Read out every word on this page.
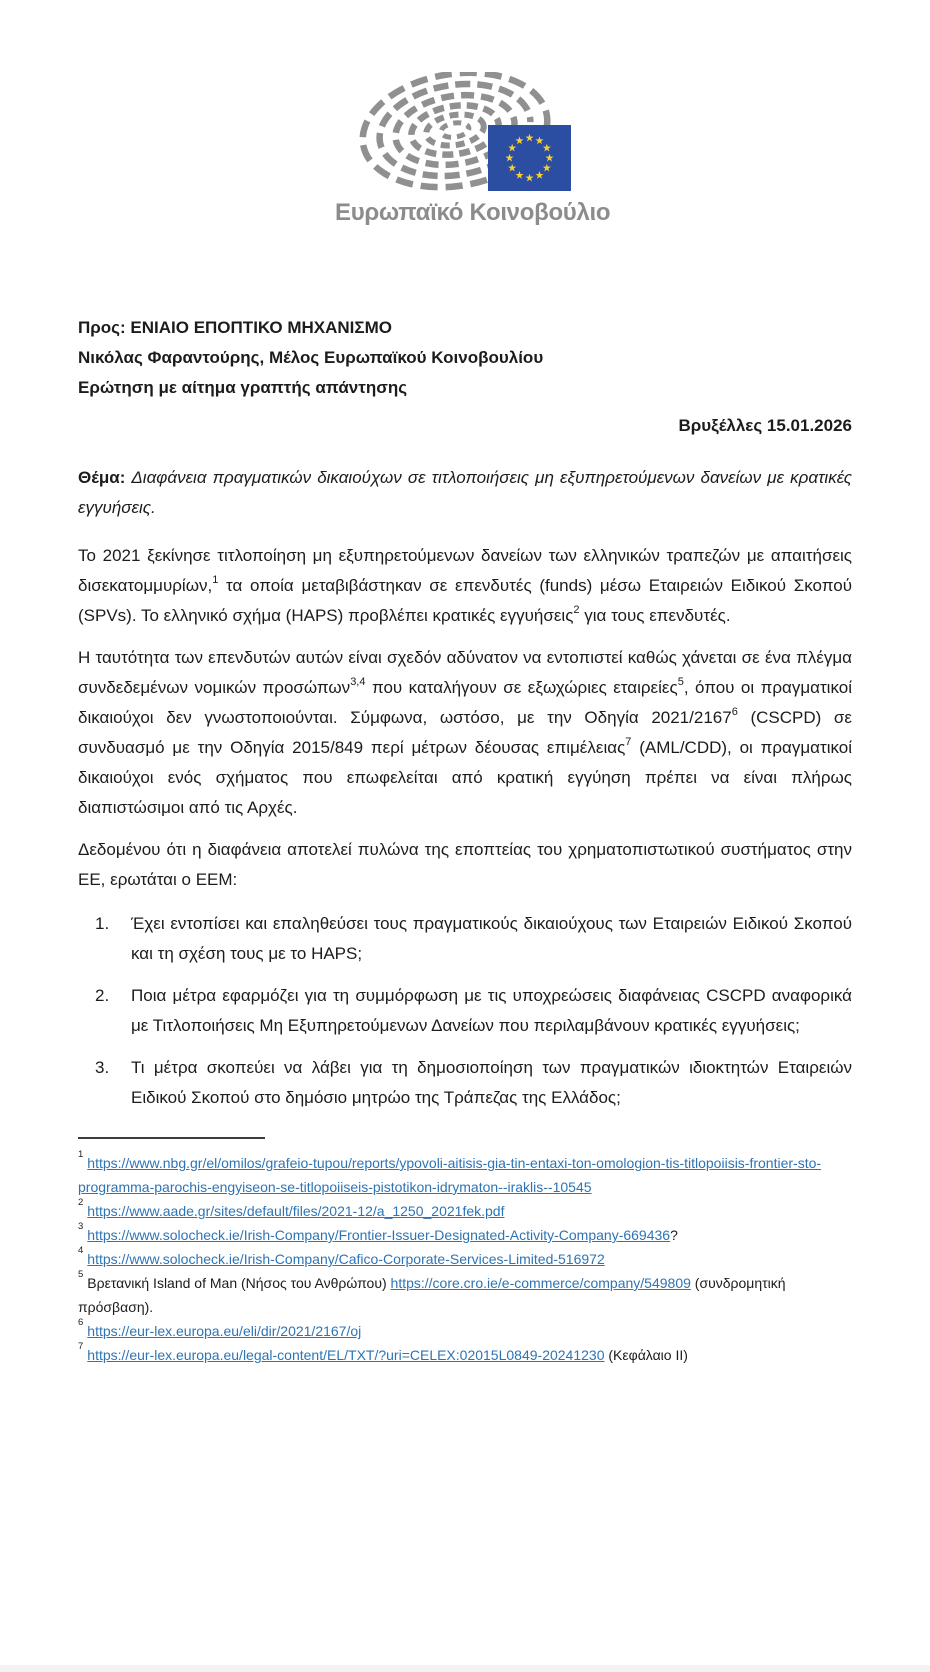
Ευρωπαϊκό Κοινοβούλιο
Προς: ΕΝΙΑΙΟ ΕΠΟΠΤΙΚΟ ΜΗΧΑΝΙΣΜΟ
Νικόλας Φαραντούρης, Μέλος Ευρωπαϊκού Κοινοβουλίου
Ερώτηση με αίτημα γραπτής απάντησης
Βρυξέλλες 15.01.2026
Θέμα: Διαφάνεια πραγματικών δικαιούχων σε τιτλοποιήσεις μη εξυπηρετούμενων δανείων με κρατικές εγγυήσεις.

Το 2021 ξεκίνησε τιτλοποίηση μη εξυπηρετούμενων δανείων των ελληνικών τραπεζών με απαιτήσεις δισεκατομμυρίων,$^1$ τα οποία μεταβιβάστηκαν σε επενδυτές (funds) μέσω Εταιρειών Ειδικού Σκοπού (SPVs). Το ελληνικό σχήμα (HAPS) προβλέπει κρατικές εγγυήσεις$^2$ για τους επενδυτές.

Η ταυτότητα των επενδυτών αυτών είναι σχεδόν αδύνατον να εντοπιστεί καθώς χάνεται σε ένα πλέγμα συνδεδεμένων νομικών προσώπων$^{3,4}$ που καταλήγουν σε εξωχώριες εταιρείες$^5$, όπου οι πραγματικοί δικαιούχοι δεν γνωστοποιούνται. Σύμφωνα, ωστόσο, με την Οδηγία 2021/2167$^6$ (CSCPD) σε συνδυασμό με την Οδηγία 2015/849 περί μέτρων δέουσας επιμέλειας$^7$ (AML/CDD), οι πραγματικοί δικαιούχοι ενός σχήματος που επωφελείται από κρατική εγγύηση πρέπει να είναι πλήρως διαπιστώσιμοι από τις Αρχές.

Δεδομένου ότι η διαφάνεια αποτελεί πυλώνα της εποπτείας του χρηματοπιστωτικού συστήματος στην ΕΕ, ερωτάται ο ΕΕΜ:

1.	Έχει εντοπίσει και επαληθεύσει τους πραγματικούς δικαιούχους των Εταιρειών Ειδικού Σκοπού και τη σχέση τους με το HAPS;
2.	Ποια μέτρα εφαρμόζει για τη συμμόρφωση με τις υποχρεώσεις διαφάνειας CSCPD αναφορικά με Τιτλοποιήσεις Μη Εξυπηρετούμενων Δανείων που περιλαμβάνουν κρατικές εγγυήσεις;
3.	Τι μέτρα σκοπεύει να λάβει για τη δημοσιοποίηση των πραγματικών ιδιοκτητών Εταιρειών Ειδικού Σκοπού στο δημόσιο μητρώο της Τράπεζας της Ελλάδος;
$^1$https://www.nbg.gr/el/omilos/grafeio-tupou/reports/ypovoli-aitisis-gia-tin-entaxi-ton-omologion-tis-titlopoiisis-frontier-sto-programma-parochis-engyiseon-se-titlopoiiseis-pistotikon-idrymaton--iraklis--10545
$^2$https://www.aade.gr/sites/default/files/2021-12/a_1250_2021fek.pdf
$^3$https://www.solocheck.ie/Irish-Company/Frontier-Issuer-Designated-Activity-Company-669436?
$^4$https://www.solocheck.ie/Irish-Company/Cafico-Corporate-Services-Limited-516972
$^5$Βρετανική Island of Man (Νήσος του Ανθρώπου) https://core.cro.ie/e-commerce/company/549809 (συνδρομητική πρόσβαση).
$^6$https://eur-lex.europa.eu/eli/dir/2021/2167/oj
$^7$https://eur-lex.europa.eu/legal-content/EL/TXT/?uri=CELEX:02015L0849-20241230 (Κεφάλαιο ΙΙ)
